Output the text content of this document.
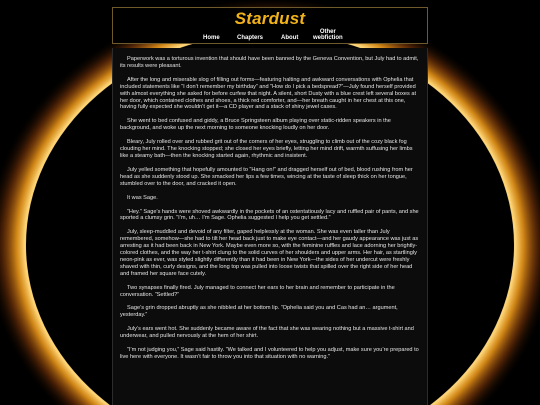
Stardust
Home	Chapters	About
Other
webfiction

Paperwork was a torturous invention that should have been banned by the Geneva Convention, but July had to admit, its results were pleasant.

After the long and miserable slog of filling out forms—featuring halting and awkward conversations with Ophelia that included statements like “I don’t remember my birthday” and “How do I pick a bedspread?”—July found herself provided with almost everything she asked for before curfew that night. A silent, short Dusty with a blue crest left several boxes at her door, which contained clothes and shoes, a thick red comforter, and—her breath caught in her chest at this one, having fully expected she wouldn’t get it—a CD player and a stack of shiny jewel cases.

She went to bed confused and giddy, a Bruce Springsteen album playing over static-ridden speakers in the background, and woke up the next morning to someone knocking loudly on her door.

Bleary, July rolled over and rubbed grit out of the corners of her eyes, struggling to climb out of the cozy black fog clouding her mind. The knocking stopped; she closed her eyes briefly, letting her mind drift, warmth suffusing her limbs like a steamy bath—then the knocking started again, rhythmic and insistent.

July yelled something that hopefully amounted to “Hang on!” and dragged herself out of bed, blood rushing from her head as she suddenly stood up. She smacked her lips a few times, wincing at the taste of sleep thick on her tongue, stumbled over to the door, and cracked it open.

It was Sage.

“Hey.” Sage’s hands were shoved awkwardly in the pockets of an ostentatiously lacy and ruffled pair of pants, and she sported a clumsy grin. “I’m, uh… I’m Sage. Ophelia suggested I help you get settled.”

July, sleep-muddled and devoid of any filter, gaped helplessly at the woman. She was even taller than July remembered, somehow—she had to tilt her head back just to make eye contact—and her gaudy appearance was just as arresting as it had been back in New York. Maybe even more so, with the feminine ruffles and lace adorning her brightly-colored clothes, and the way her t-shirt clung to the solid curves of her shoulders and upper arms. Her hair, as startlingly neon-pink as ever, was styled slightly differently than it had been in New York—the sides of her undercut were freshly shaved with thin, curly designs, and the long top was pulled into loose twists that spilled over the right side of her head and framed her square face cutely.

Two synapses finally fired. July managed to connect her ears to her brain and remember to participate in the conversation. “Settled?”

Sage’s grin dropped abruptly as she nibbled at her bottom lip. “Ophelia said you and Cas had an… argument, yesterday.”

July’s ears went hot. She suddenly became aware of the fact that she was wearing nothing but a massive t-shirt and underwear, and pulled nervously at the hem of her shirt.

“I’m not judging you,” Sage said hastily. “We talked and I volunteered to help you adjust, make sure you’re prepared to live here with everyone. It wasn’t fair to throw you into that situation with no warning.”
